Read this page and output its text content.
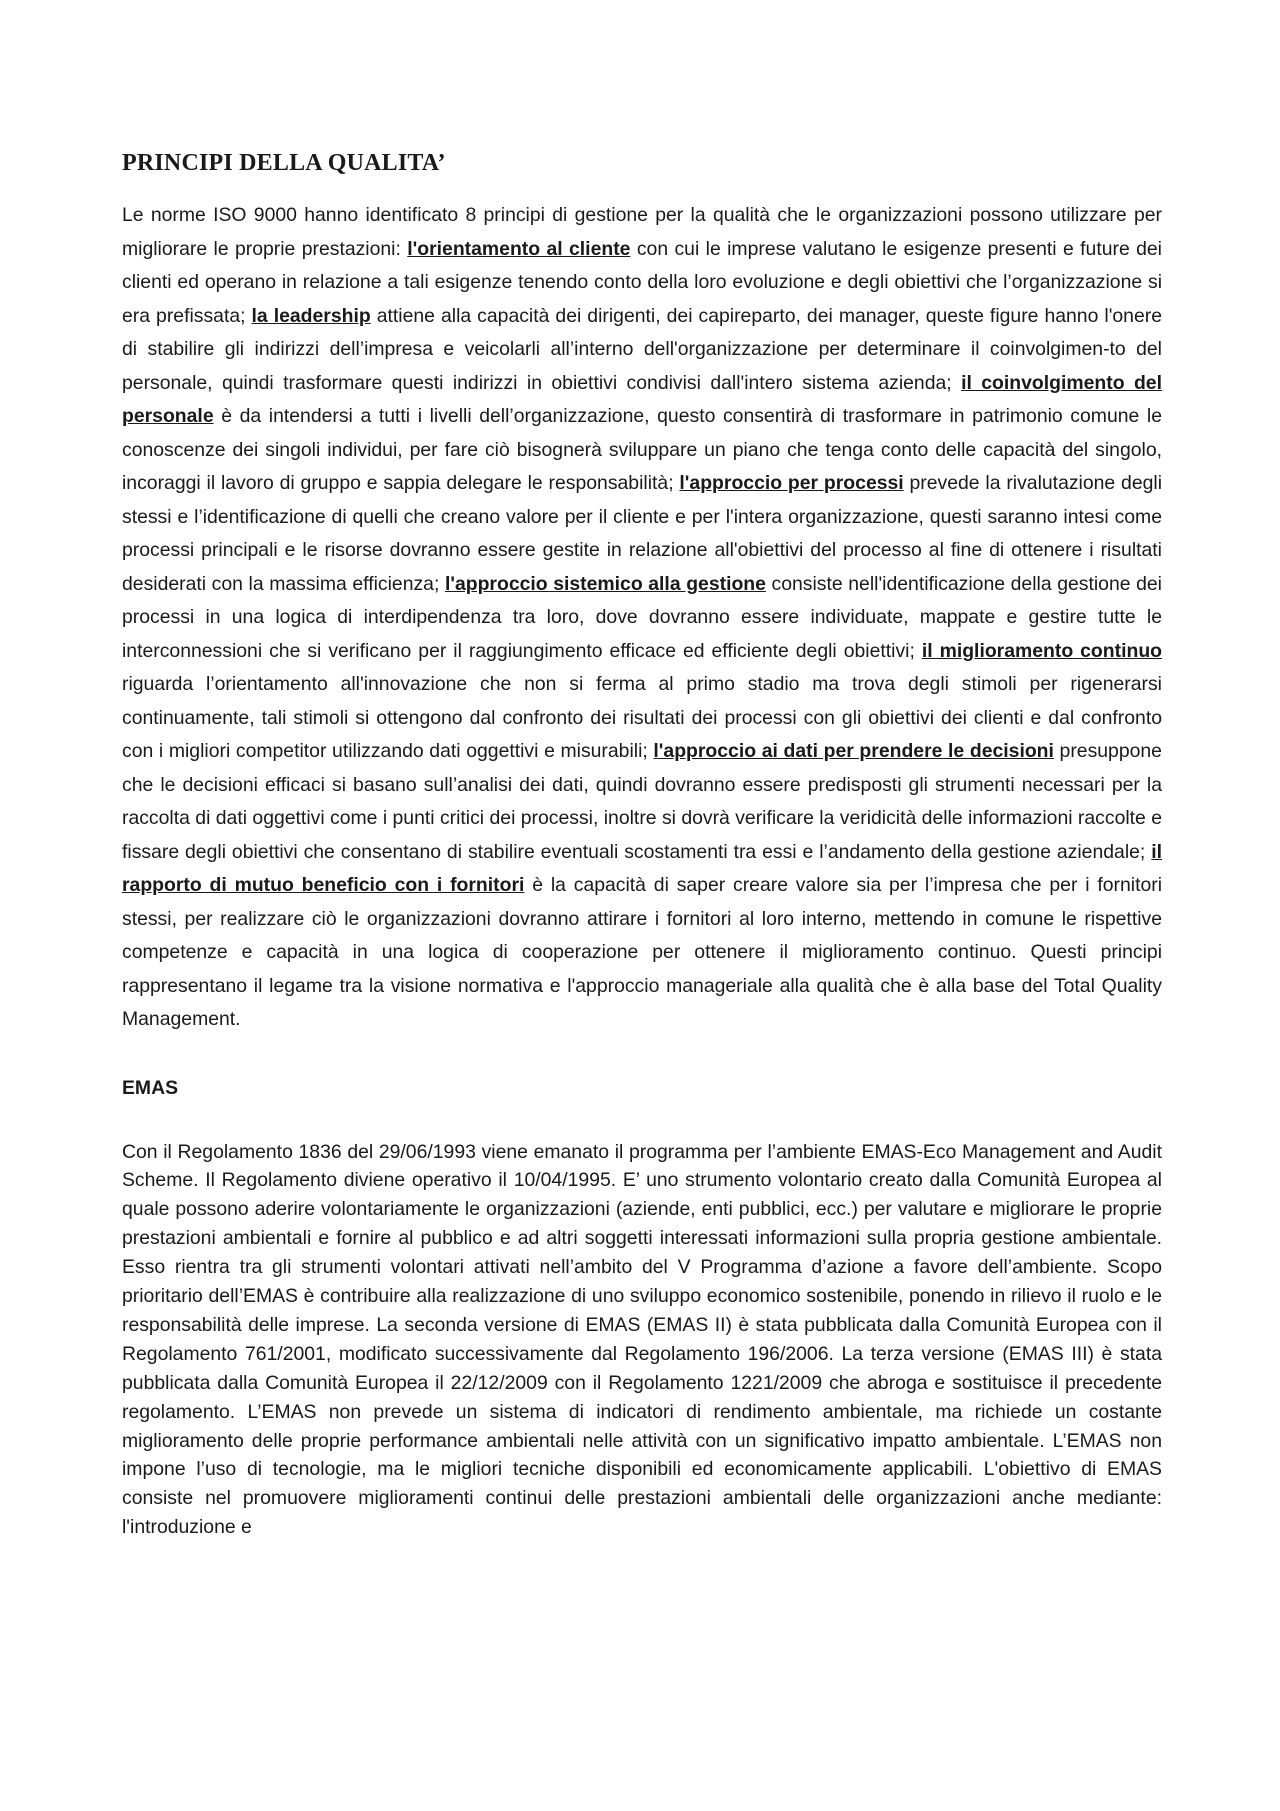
PRINCIPI DELLA QUALITA’

Le norme ISO 9000 hanno identificato 8 principi di gestione per la qualità che le organizzazioni possono utilizzare per migliorare le proprie prestazioni: l'orientamento al cliente con cui le imprese valutano le esigenze presenti e future dei clienti ed operano in relazione a tali esigenze tenendo conto della loro evoluzione e degli obiettivi che l’organizzazione si era prefissata; la leadership attiene alla capacità dei dirigenti, dei capireparto, dei manager, queste figure hanno l'onere di stabilire gli indirizzi dell’impresa e veicolarli all’interno dell'organizzazione per determinare il coinvolgimen-to del personale, quindi trasformare questi indirizzi in obiettivi condivisi dall'intero sistema azienda; il coinvolgimento del personale è da intendersi a tutti i livelli dell’organizzazione, questo consentirà di trasformare in patrimonio comune le conoscenze dei singoli individui, per fare ciò bisognerà sviluppare un piano che tenga conto delle capacità del singolo, incoraggi il lavoro di gruppo e sappia delegare le responsabilità; l'approccio per processi prevede la rivalutazione degli stessi e l’identificazione di quelli che creano valore per il cliente e per l'intera organizzazione, questi saranno intesi come processi principali e le risorse dovranno essere gestite in relazione all'obiettivi del processo al fine di ottenere i risultati desiderati con la massima efficienza; l'approccio sistemico alla gestione consiste nell'identificazione della gestione dei processi in una logica di interdipendenza tra loro, dove dovranno essere individuate, mappate e gestire tutte le interconnessioni che si verificano per il raggiungimento efficace ed efficiente degli obiettivi; il miglioramento continuo riguarda l’orientamento all'innovazione che non si ferma al primo stadio ma trova degli stimoli per rigenerarsi continuamente, tali stimoli si ottengono dal confronto dei risultati dei processi con gli obiettivi dei clienti e dal confronto con i migliori competitor utilizzando dati oggettivi e misurabili; l'approccio ai dati per prendere le decisioni presuppone che le decisioni efficaci si basano sull’analisi dei dati, quindi dovranno essere predisposti gli strumenti necessari per la raccolta di dati oggettivi come i punti critici dei processi, inoltre si dovrà verificare la veridicità delle informazioni raccolte e fissare degli obiettivi che consentano di stabilire eventuali scostamenti tra essi e l’andamento della gestione aziendale; il rapporto di mutuo beneficio con i fornitori è la capacità di saper creare valore sia per l’impresa che per i fornitori stessi, per realizzare ciò le organizzazioni dovranno attirare i fornitori al loro interno, mettendo in comune le rispettive competenze e capacità in una logica di cooperazione per ottenere il miglioramento continuo. Questi principi rappresentano il legame tra la visione normativa e l'approccio manageriale alla qualità che è alla base del Total Quality Management.

EMAS

Con il Regolamento 1836 del 29/06/1993 viene emanato il programma per l’ambiente EMAS-Eco Management and Audit Scheme. Il Regolamento diviene operativo il 10/04/1995. E’ uno strumento volontario creato dalla Comunità Europea al quale possono aderire volontariamente le organizzazioni (aziende, enti pubblici, ecc.) per valutare e migliorare le proprie prestazioni ambientali e fornire al pubblico e ad altri soggetti interessati informazioni sulla propria gestione ambientale. Esso rientra tra gli strumenti volontari attivati nell’ambito del V Programma d’azione a favore dell’ambiente. Scopo prioritario dell’EMAS è contribuire alla realizzazione di uno sviluppo economico sostenibile, ponendo in rilievo il ruolo e le responsabilità delle imprese. La seconda versione di EMAS (EMAS II) è stata pubblicata dalla Comunità Europea con il Regolamento 761/2001, modificato successivamente dal Regolamento 196/2006. La terza versione (EMAS III) è stata pubblicata dalla Comunità Europea il 22/12/2009 con il Regolamento 1221/2009 che abroga e sostituisce il precedente regolamento. L’EMAS non prevede un sistema di indicatori di rendimento ambientale, ma richiede un costante miglioramento delle proprie performance ambientali nelle attività con un significativo impatto ambientale. L’EMAS non impone l’uso di tecnologie, ma le migliori tecniche disponibili ed economicamente applicabili. L'obiettivo di EMAS consiste nel promuovere miglioramenti continui delle prestazioni ambientali delle organizzazioni anche mediante: l'introduzione e
